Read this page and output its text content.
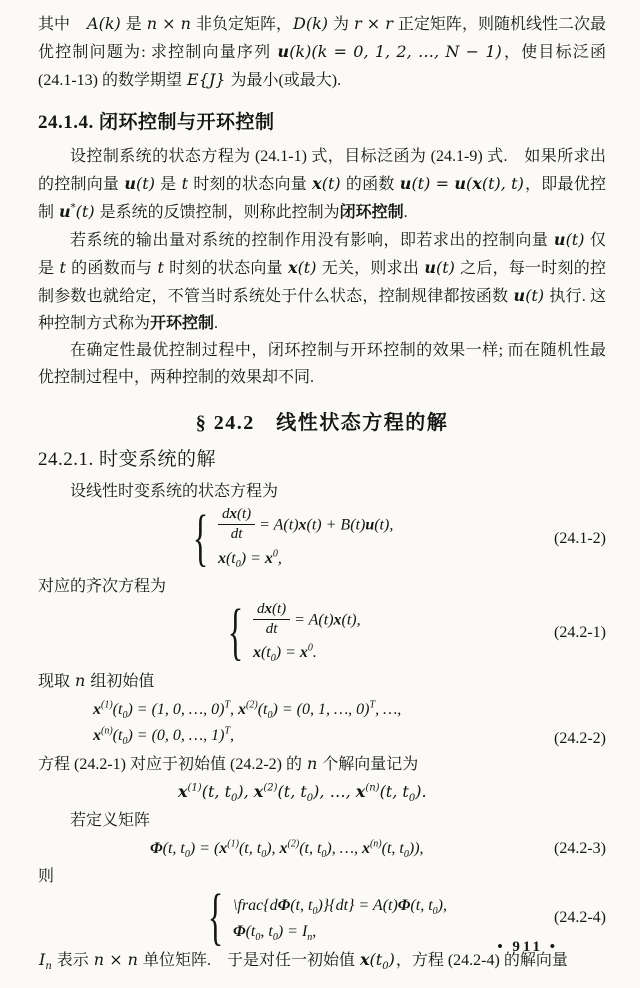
其中　A(k) 是 n × n 非负定矩阵，D(k) 为 r × r 正定矩阵，则随机线性二次最优控制问题为: 求控制向量序列 u(k)(k = 0, 1, 2, …, N − 1)，使目标泛函 (24.1-13) 的数学期望 E{J} 为最小(或最大).

24.1.4. 闭环控制与开环控制

设控制系统的状态方程为 (24.1-1) 式，目标泛函为 (24.1-9) 式.　如果所求出的控制向量 u(t) 是 t 时刻的状态向量 x(t) 的函数 u(t) = u(x(t), t)，即最优控制 u*(t) 是系统的反馈控制，则称此控制为闭环控制.

若系统的输出量对系统的控制作用没有影响，即若求出的控制向量 u(t) 仅是 t 的函数而与 t 时刻的状态向量 x(t) 无关，则求出 u(t) 之后，每一时刻的控制参数也就给定，不管当时系统处于什么状态，控制规律都按函数 u(t) 执行. 这种控制方式称为开环控制.

在确定性最优控制过程中，闭环控制与开环控制的效果一样; 而在随机性最优控制过程中，两种控制的效果却不同.

§ 24.2　线性状态方程的解
24.2.1. 时变系统的解

设线性时变系统的状态方程为

{
$\frac{dx(t)}{dt} = A(t)x(t) + B(t)u(t)$,
$x(t_0) = x^0$,
(24.1-2)

对应的齐次方程为

{
$\frac{dx(t)}{dt} = A(t)x(t)$,
$x(t_0) = x^0$.
(24.2-1)

现取 n 组初始值

$x^{(1)}(t_0) = (1$, 0, …, 0)$^T$, $x^{(2)}(t_0) = (0$, 1, …, 0)$^T$, …,
$x^{(n)}(t_0) = (0$, 0, …, 1)$^T$,	(24.2-2)

方程 (24.2-1) 对应于初始值 (24.2-2) 的 n 个解向量记为

$x^{(1)}(t$, $t_0$), $x^{(2)}(t$, $t_0$), …, $x^{(n)}(t$, $t_0$).

若定义矩阵

Φ(t, $t_0) = (x^{(1)}(t$, $t_0$), $x^{(2)}(t$, $t_0$), …, $x^{(n)}(t$, $t_0$)),	(24.2-3)

则

{
\frac{dΦ(t, $t_0)\}\{dt\} = A(t)\Phi(t$, $t_0$),
$\Phi(t_0$, $t_0) = I_n$,
(24.2-4)

$I_n$ 表示 n × n 单位矩阵.　于是对任一初始值 $x(t_0)$，方程 (24.2-4) 的解向量

• 911 •
